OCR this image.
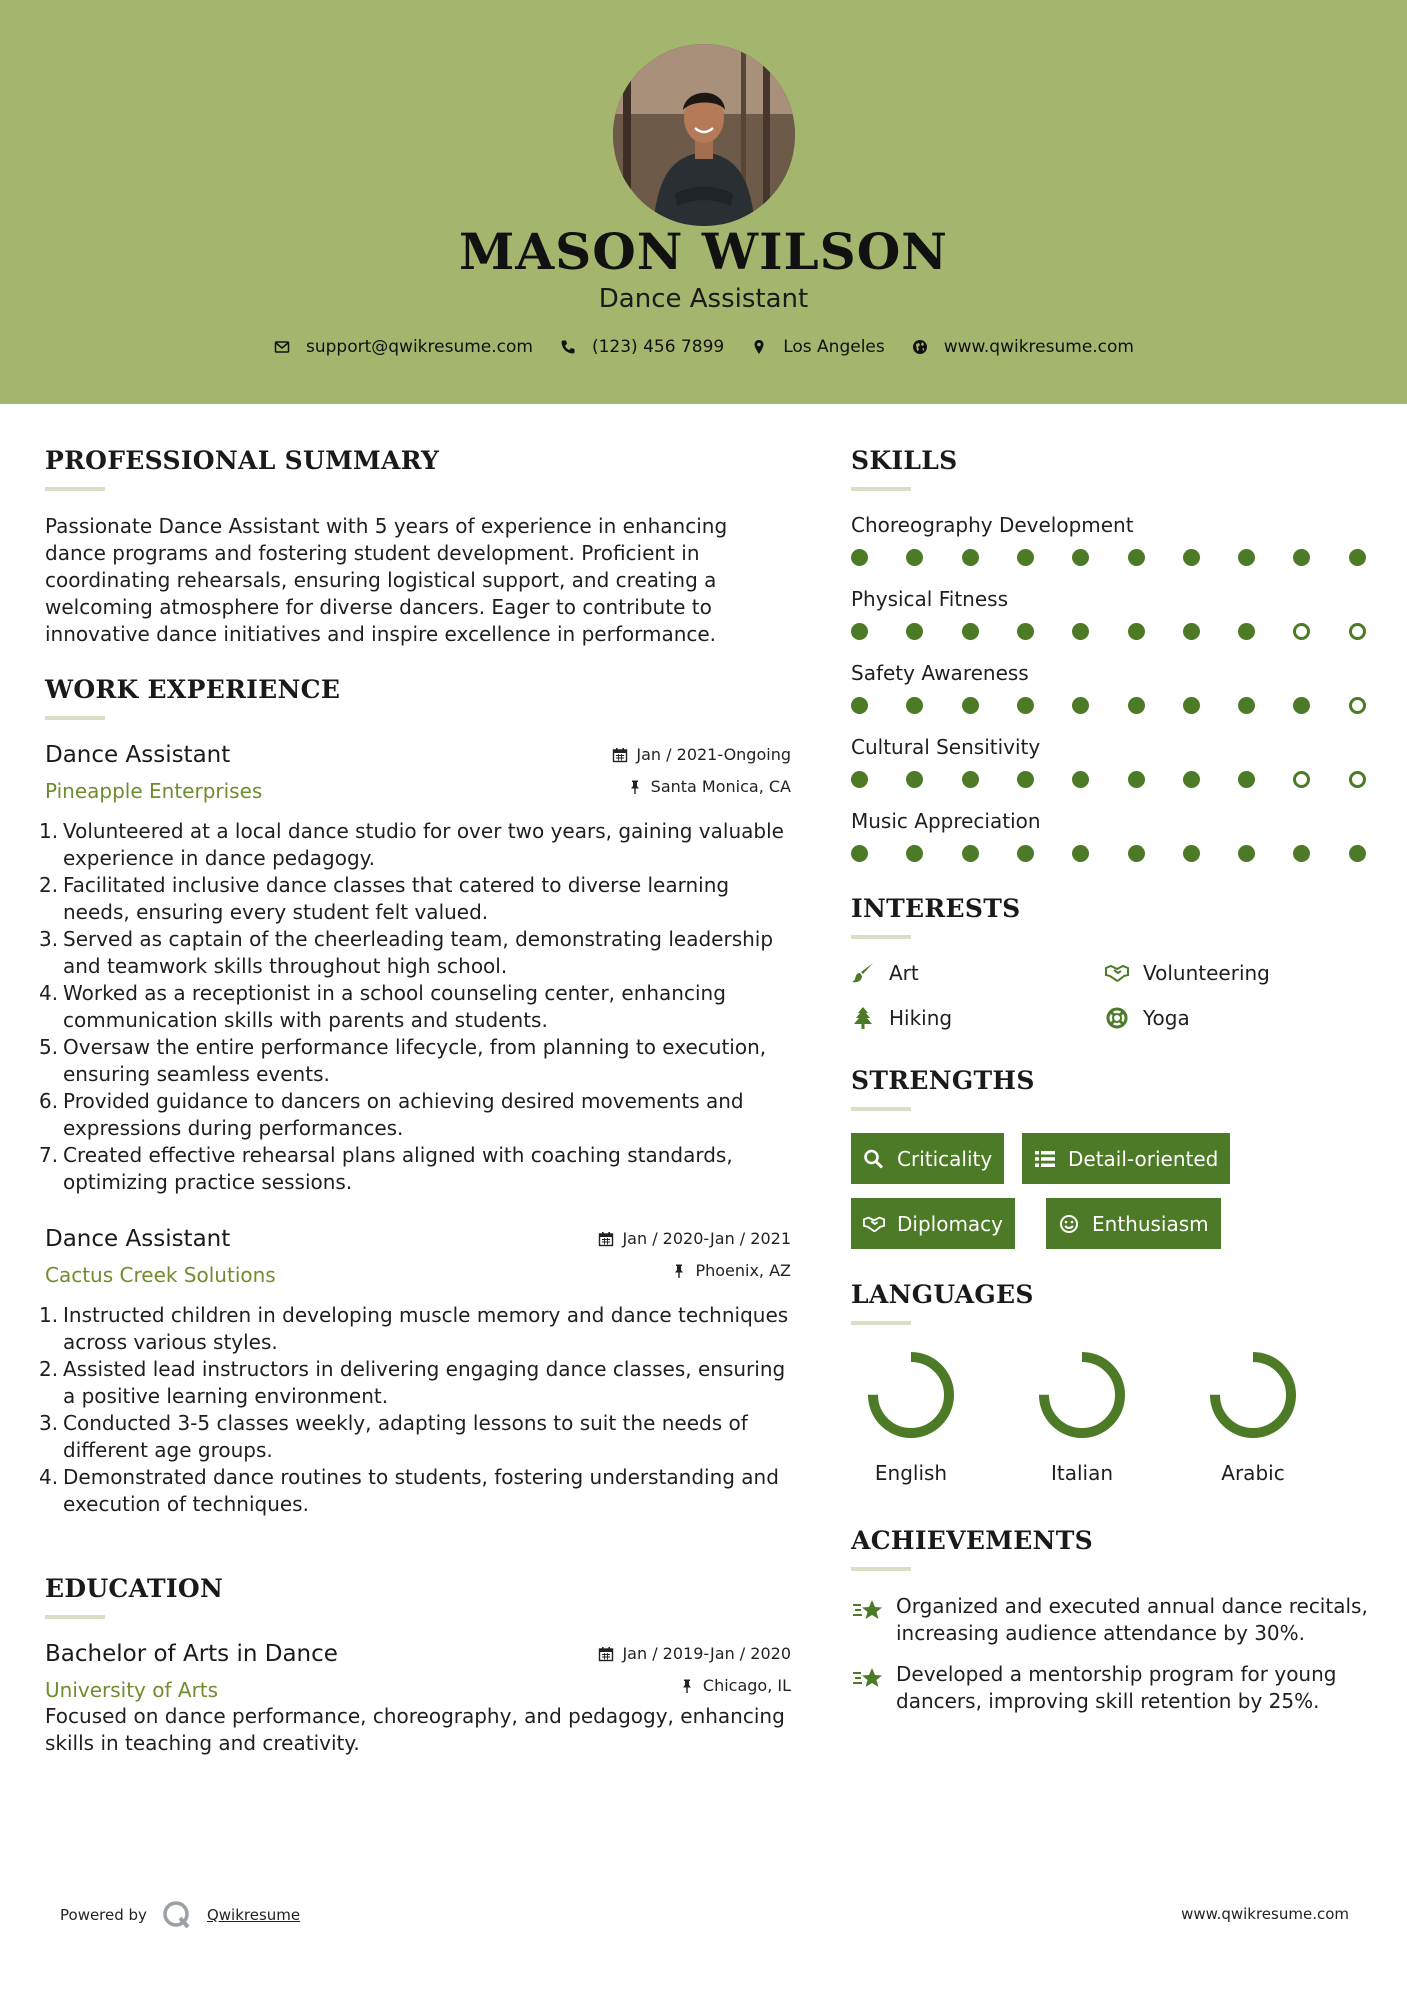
MASON WILSON
Dance Assistant
support@qwikresume.com	(123) 456 7899	Los Angeles	www.qwikresume.com
PROFESSIONAL SUMMARY
Passionate Dance Assistant with 5 years of experience in enhancing dance programs and fostering student development. Proficient in coordinating rehearsals, ensuring logistical support, and creating a welcoming atmosphere for diverse dancers. Eager to contribute to innovative dance initiatives and inspire excellence in performance.
WORK EXPERIENCE
Dance Assistant
Pineapple Enterprises
Jan / 2021-Ongoing
Santa Monica, CA
1. Volunteered at a local dance studio for over two years, gaining valuable experience in dance pedagogy.
2. Facilitated inclusive dance classes that catered to diverse learning needs, ensuring every student felt valued.
3. Served as captain of the cheerleading team, demonstrating leadership and teamwork skills throughout high school.
4. Worked as a receptionist in a school counseling center, enhancing communication skills with parents and students.
5. Oversaw the entire performance lifecycle, from planning to execution, ensuring seamless events.
6. Provided guidance to dancers on achieving desired movements and expressions during performances.
7. Created effective rehearsal plans aligned with coaching standards, optimizing practice sessions.
Dance Assistant
Cactus Creek Solutions
Jan / 2020-Jan / 2021
Phoenix, AZ
1. Instructed children in developing muscle memory and dance techniques across various styles.
2. Assisted lead instructors in delivering engaging dance classes, ensuring a positive learning environment.
3. Conducted 3-5 classes weekly, adapting lessons to suit the needs of different age groups.
4. Demonstrated dance routines to students, fostering understanding and execution of techniques.
EDUCATION
Bachelor of Arts in Dance
University of Arts
Jan / 2019-Jan / 2020
Chicago, IL
Focused on dance performance, choreography, and pedagogy, enhancing skills in teaching and creativity.
SKILLS
Choreography Development
Physical Fitness
Safety Awareness
Cultural Sensitivity
Music Appreciation
INTERESTS
Art	Volunteering
Hiking	Yoga
STRENGTHS
Criticality	Detail-oriented
Diplomacy	Enthusiasm
LANGUAGES
English	Italian	Arabic
ACHIEVEMENTS
Organized and executed annual dance recitals, increasing audience attendance by 30%.
Developed a mentorship program for young dancers, improving skill retention by 25%.
Powered by	Qwikresume	www.qwikresume.com
